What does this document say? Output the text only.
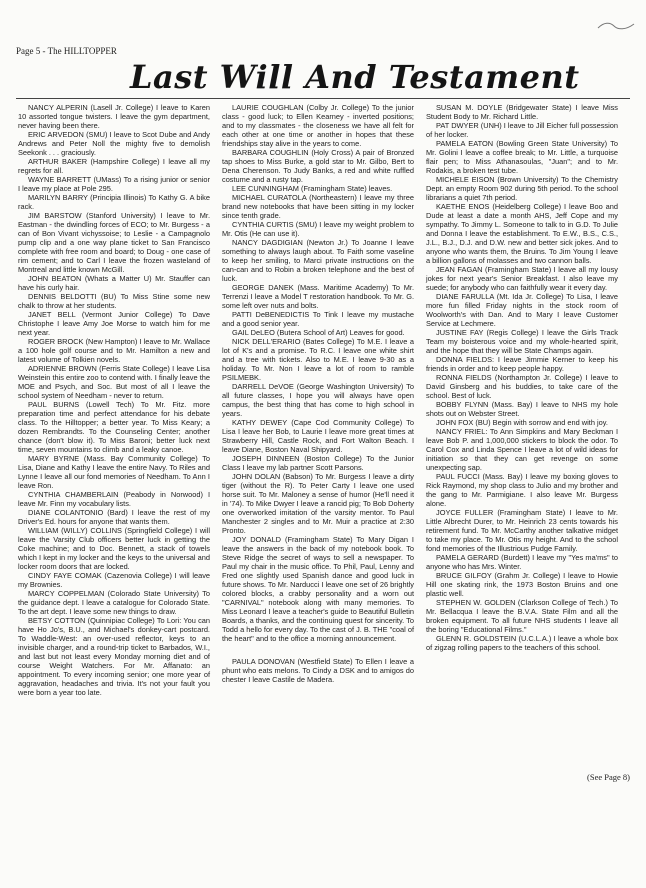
Page 5 - The HILLTOPPER
Last Will And Testament

NANCY ALPERIN (Lasell Jr. College) I leave to Karen 10 assorted tongue twisters. I leave the gym department, never having been there.

ERIC ARVEDON (SMU) I leave to Scot Dube and Andy Andrews and Peter Noll the mighty five to demolish Seekonk . . . graciously.

ARTHUR BAKER (Hampshire College) I leave all my regrets for all.

WAYNE BARRETT (UMass) To a rising junior or senior I leave my place at Pole 295.

MARILYN BARRY (Principia Illinois) To Kathy G. A bike rack.

JIM BARSTOW (Stanford University) I leave to Mr. Eastman - the dwindling forces of ECO; to Mr. Burgess - a can of Bon Vivant vichyssoise; to Leslie - a Campagnolo pump clip and a one way plane ticket to San Francisco complete with free room and board; to Doug - one case of rim cement; and to Carl I leave the frozen wasteland of Montreal and little known McGill.

JOHN BEATON (Whats a Matter U) Mr. Stauffer can have his curly hair.

DENNIS BELDOTTI (BU) To Miss Stine some new chalk to throw at her students.

JANET BELL (Vermont Junior College) To Dave Christophe I leave Amy Joe Morse to watch him for me next year.

ROGER BROCK (New Hampton) I leave to Mr. Wallace a 100 hole golf course and to Mr. Hamilton a new and latest volume of Tolkien novels.

ADRIENNE BROWN (Ferris State College) I leave Lisa Weinstein this entire zoo to contend with. I finally leave the MOE and Psych, and Soc. But most of all I leave the school system of Needham - never to return.

PAUL BURNS (Lowell Tech) To Mr. Fitz. more preparation time and perfect attendance for his debate class. To the Hilltopper; a better year. To Miss Keary; a dozen Rembrandts. To the Counseling Center; another chance (don't blow it). To Miss Baroni; better luck next time, seven mountains to climb and a leaky canoe.

MARY BYRNE (Mass. Bay Community College) To Lisa, Diane and Kathy I leave the entire Navy. To Riles and Lynne I leave all our fond memories of Needham. To Ann I leave Ron.

CYNTHIA CHAMBERLAIN (Peabody in Norwood) I leave Mr. Finn my vocabulary lists.

DIANE COLANTONIO (Bard) I leave the rest of my Driver's Ed. hours for anyone that wants them.

WILLIAM (WILLY) COLLINS (Springfield College) I will leave the Varsity Club officers better luck in getting the Coke machine; and to Doc. Bennett, a stack of towels which I kept in my locker and the keys to the universal and locker room doors that are locked.

CINDY FAYE COMAK (Cazenovia College) I will leave my Brownies.

MARCY COPPELMAN (Colorado State University) To the guidance dept. I leave a catalogue for Colorado State. To the art dept. I leave some new things to draw.

BETSY COTTON (Quinnipiac College) To Lori: You can have Ho Jo's, B.U., and Michael's donkey-cart postcard. To Waddle-West: an over-used reflector, keys to an invisible charger, and a round-trip ticket to Barbados, W.I., and last but not least every Monday morning diet and of course Weight Watchers. For Mr. Affanato: an appointment. To every incoming senior; one more year of aggravation, headaches and trivia. It's not your fault you were born a year too late.

LAURIE COUGHLAN (Colby Jr. College) To the junior class - good luck; to Ellen Kearney - inverted positions; and to my classmates - the closeness we have all felt for each other at one time or another in hopes that these friendships stay alive in the years to come.

BARBARA COUGHLIN (Holy Cross) A pair of Bronzed tap shoes to Miss Burke, a gold star to Mr. Gilbo, Bert to Dena Cherenson. To Judy Banks, a red and white ruffled costume and a rusty tap.

LEE CUNNINGHAM (Framingham State) leaves.

MICHAEL CURATOLA (Northeastern) I leave my three brand new notebooks that have been sitting in my locker since tenth grade.

CYNTHIA CURTIS (SMU) I leave my weight problem to Mr. Otis (He can use it).

NANCY DAGDIGIAN (Newton Jr.) To Joanne I leave something to always laugh about. To Faith some vaseline to keep her smiling, to Marci private instructions on the can-can and to Robin a broken telephone and the best of luck.

GEORGE DANEK (Mass. Maritime Academy) To Mr. Terrenzi I leave a Model T restoration handbook. To Mr. G. some left over nuts and bolts.

PATTI DeBENEDICTIS To Tink I leave my mustache and a good senior year.

GAIL DeLEO (Butera School of Art) Leaves for good.

NICK DELL'ERARIO (Bates College) To M.E. I leave a lot of K's and a promise. To R.C. I leave one white shirt and a tree with tickets. Also to M.E. I leave 9-30 as a holiday. To Mr. Non I leave a lot of room to ramble PSILMEBK.

DARRELL DeVOE (George Washington University) To all future classes, I hope you will always have open campus, the best thing that has come to high school in years.

KATHY DEWEY (Cape Cod Community College) To Lisa I leave her Bob, to Laurie I leave more great times at Strawberry Hill, Castle Rock, and Fort Walton Beach. I leave Diane, Boston Naval Shipyard.

JOSEPH DINNEEN (Boston College) To the Junior Class I leave my lab partner Scott Parsons.

JOHN DOLAN (Babson) To Mr. Burgess I leave a dirty tiger (without the R). To Peter Carty I leave one used horse suit. To Mr. Maloney a sense of humor (He'll need it in '74). To Mike Dwyer I leave a rancid pig; To Bob Doherty one overworked imitation of the varsity mentor. To Paul Manchester 2 singles and to Mr. Muir a practice at 2:30 Pronto.

JOY DONALD (Framingham State) To Mary Digan I leave the answers in the back of my notebook book. To Steve Ridge the secret of ways to sell a newspaper. To Paul my chair in the music office. To Phil, Paul, Lenny and Fred one slightly used Spanish dance and good luck in future shows. To Mr. Narducci I leave one set of 26 brightly colored blocks, a crabby personality and a worn out "CARNIVAL" notebook along with many memories. To Miss Leonard I leave a teacher's guide to Beautiful Bulletin Boards, a thanks, and the continuing quest for sincerity. To Todd a hello for every day. To the cast of J. B. THE "coal of the heart" and to the office a morning announcement.

PAULA DONOVAN (Westfield State) To Ellen I leave a phunt who eats melons. To Cindy a DSK and to amigos do chester I leave Castile de Madera.

SUSAN M. DOYLE (Bridgewater State) I leave Miss Student Body to Mr. Richard Little.

PAT DWYER (UNH) I leave to Jill Eicher full possession of her locker.

PAMELA EATON (Bowling Green State University) To Mr. Golini I leave a coffee break; to Mr. Little, a turquoise flair pen; to Miss Athanasoulas, "Juan"; and to Mr. Rodakis, a broken test tube.

MICHELE EISON (Brown University) To the Chemistry Dept. an empty Room 902 during 5th period. To the school librarians a quiet 7th period.

KAETHE ENOS (Heidelberg College) I leave Boo and Dude at least a date a month AHS, Jeff Cope and my sympathy. To Jimmy L. Someone to talk to in G.D. To Julie and Donna I leave the establishment. To E.W., B.S., C.S., J.L., B.J., D.J. and D.W. new and better sick jokes. And to anyone who wants them, the Bruins. To Jim Young I leave a billion gallons of molasses and two cannon balls.

JEAN FAGAN (Framingham State) I leave all my lousy jokes for next year's Senior Breakfast. I also leave my suede; for anybody who can faithfully wear it every day.

DIANE FARULLA (Mt. Ida Jr. College) To Lisa, I leave more fun filled Friday nights in the stock room of Woolworth's with Dan. And to Mary I leave Customer Service at Lechmere.

JUSTINE FAY (Regis College) I leave the Girls Track Team my boisterous voice and my whole-hearted spirit, and the hope that they will be State Champs again.

DONNA FIELDS: I leave Jimmie Kerner to keep his friends in order and to keep people happy.

RONNA FIELDS (Northampton Jr. College) I leave to David Ginsberg and his buddies, to take care of the school. Best of luck.

BOBBY FLYNN (Mass. Bay) I leave to NHS my hole shots out on Webster Street.

JOHN FOX (BU) Begin with sorrow and end with joy.

NANCY FRIEL: To Ann Simpkins and Mary Beckman I leave Bob P. and 1,000,000 stickers to block the odor. To Carol Cox and Linda Spence I leave a lot of wild ideas for initiation so that they can get revenge on some unexpecting sap.

PAUL FUCCI (Mass. Bay) I leave my boxing gloves to Rick Raymond, my shop class to Julio and my brother and the gang to Mr. Parmigiane. I also leave Mr. Burgess alone.

JOYCE FULLER (Framingham State) I leave to Mr. Little Albrecht Durer, to Mr. Heinrich 23 cents towards his retirement fund. To Mr. McCarthy another talkative midget to take my place. To Mr. Otis my height. And to the school fond memories of the Illustrious Pudge Family.

PAMELA GERARD (Burdett) I leave my "Yes ma'ms" to anyone who has Mrs. Winter.

BRUCE GILFOY (Grahm Jr. College) I leave to Howie Hill one skating rink, the 1973 Boston Bruins and one plastic well.

STEPHEN W. GOLDEN (Clarkson College of Tech.) To Mr. Bellacqua I leave the B.V.A. State Film and all the broken equipment. To all future NHS students I leave all the boring "Educational Films."

GLENN R. GOLDSTEIN (U.C.L.A.) I leave a whole box of zigzag rolling papers to the teachers of this school.

(See Page 8)
